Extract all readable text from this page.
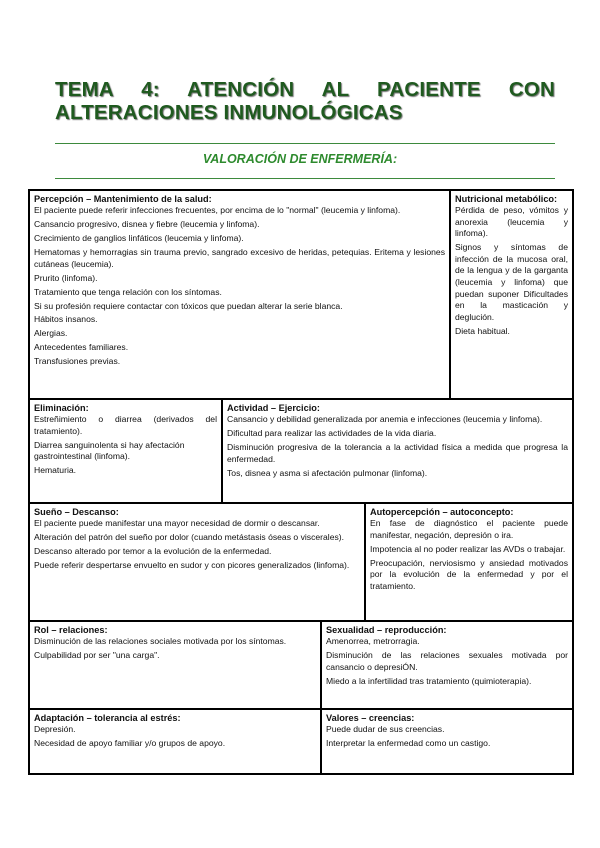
TEMA 4: ATENCIÓN AL PACIENTE CON
ALTERACIONES INMUNOLÓGICAS
VALORACIÓN DE ENFERMERÍA:
Percepción – Mantenimiento de la salud:

El paciente puede referir infecciones frecuentes, por encima de lo "normal" (leucemia y linfoma).

Cansancio progresivo, disnea y fiebre (leucemia y linfoma).

Crecimiento de ganglios linfáticos (leucemia y linfoma).

Hematomas y hemorragias sin trauma previo, sangrado excesivo de heridas, petequias. Eritema y lesiones cutáneas (leucemia).

Prurito (linfoma).

Tratamiento que tenga relación con los síntomas.

Si su profesión requiere contactar con tóxicos que puedan alterar la serie blanca.

Hábitos insanos.

Alergias.

Antecedentes familiares.

Transfusiones previas.

Nutricional metabólico:

Pérdida de peso, vómitos y anorexia (leucemia y linfoma).

Signos y síntomas de infección de la mucosa oral, de la lengua y de la garganta (leucemia y linfoma) que puedan suponer Dificultades en la masticación y deglución.

Dieta habitual.

Eliminación:

Estreñimiento o diarrea (derivados del tratamiento).

Diarrea sanguinolenta si hay afectación gastrointestinal (linfoma).

Hematuria.

Actividad – Ejercicio:

Cansancio y debilidad generalizada por anemia e infecciones (leucemia y linfoma).

Dificultad para realizar las actividades de la vida diaria.

Disminución progresiva de la tolerancia a la actividad física a medida que progresa la enfermedad.

Tos, disnea y asma si afectación pulmonar (linfoma).

Sueño – Descanso:

El paciente puede manifestar una mayor necesidad de dormir o descansar.

Alteración del patrón del sueño por dolor (cuando metástasis óseas o viscerales).

Descanso alterado por temor a la evolución de la enfermedad.

Puede referir despertarse envuelto en sudor y con picores generalizados (linfoma).

Autopercepción – autoconcepto:

En fase de diagnóstico el paciente puede manifestar, negación, depresión o ira.

Impotencia al no poder realizar las AVDs o trabajar.

Preocupación, nerviosismo y ansiedad motivados por la evolución de la enfermedad y por el tratamiento.

Rol – relaciones:

Disminución de las relaciones sociales motivada por los síntomas.

Culpabilidad por ser "una carga".

Sexualidad – reproducción:

Amenorrea, metrorragia.

Disminución de las relaciones sexuales motivada por cansancio o depresiÓN.

Miedo a la infertilidad tras tratamiento (quimioterapia).

Adaptación – tolerancia al estrés:

Depresión.

Necesidad de apoyo familiar y/o grupos de apoyo.

Valores – creencias:

Puede dudar de sus creencias.

Interpretar la enfermedad como un castigo.
